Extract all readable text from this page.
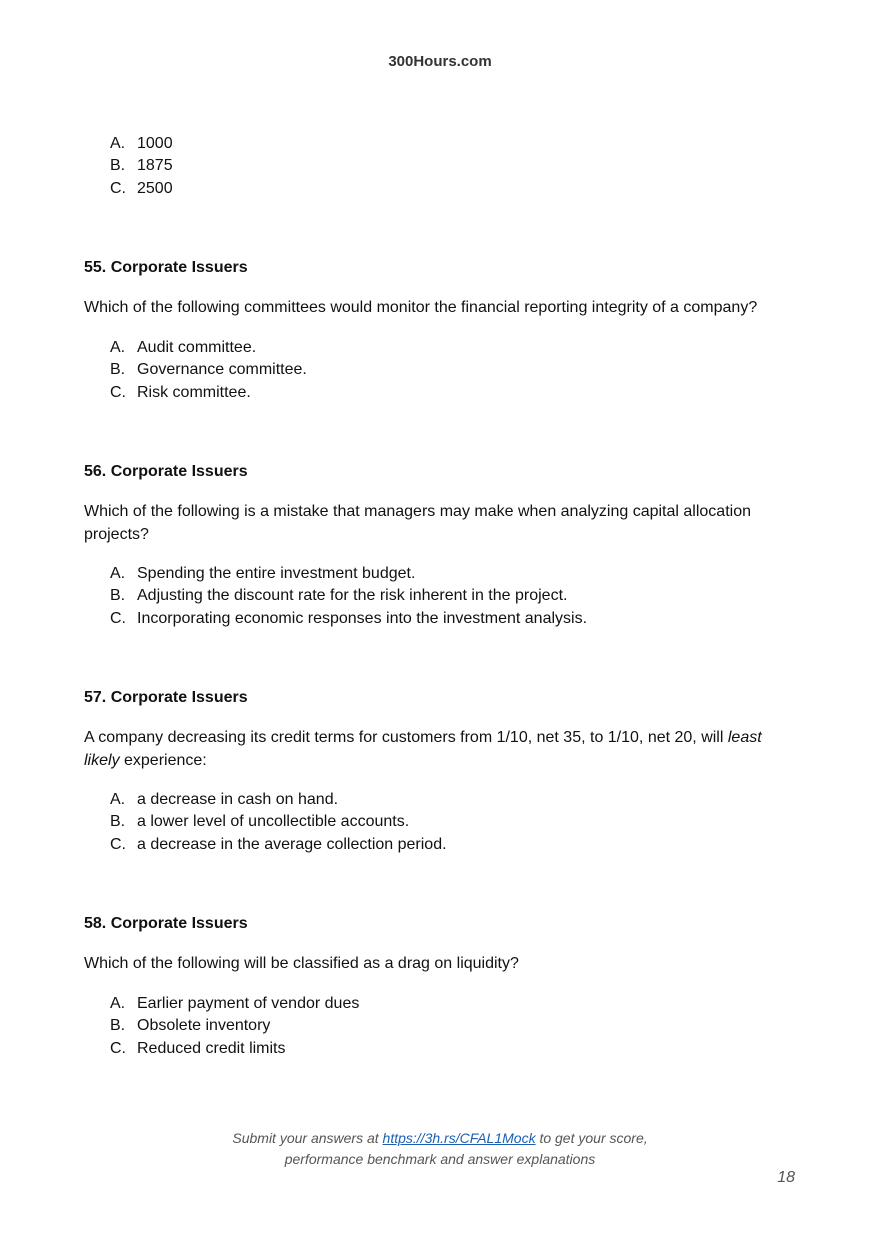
300Hours.com
A. 1000
B. 1875
C. 2500
55. Corporate Issuers
Which of the following committees would monitor the financial reporting integrity of a company?
A. Audit committee.
B. Governance committee.
C. Risk committee.
56. Corporate Issuers
Which of the following is a mistake that managers may make when analyzing capital allocation projects?
A. Spending the entire investment budget.
B. Adjusting the discount rate for the risk inherent in the project.
C. Incorporating economic responses into the investment analysis.
57. Corporate Issuers
A company decreasing its credit terms for customers from 1/10, net 35, to 1/10, net 20, will least likely experience:
A. a decrease in cash on hand.
B. a lower level of uncollectible accounts.
C. a decrease in the average collection period.
58. Corporate Issuers
Which of the following will be classified as a drag on liquidity?
A. Earlier payment of vendor dues
B. Obsolete inventory
C. Reduced credit limits
Submit your answers at https://3h.rs/CFAL1Mock to get your score,
performance benchmark and answer explanations
18
